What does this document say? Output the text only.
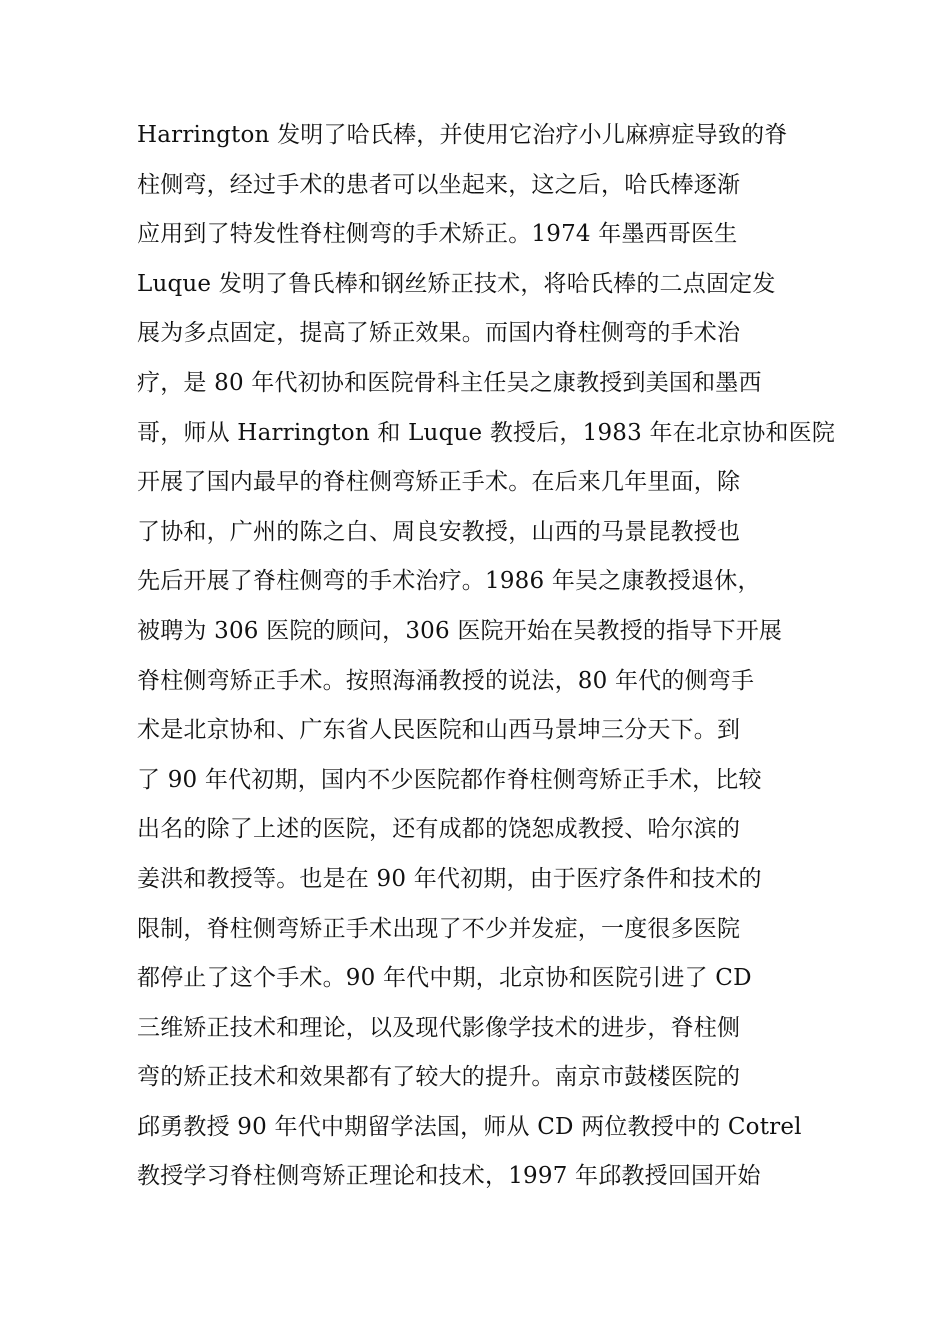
Harrington 发明了哈氏棒，并使用它治疗小儿麻痹症导致的脊
柱侧弯，经过手术的患者可以坐起来，这之后，哈氏棒逐渐
应用到了特发性脊柱侧弯的手术矫正。1974 年墨西哥医生
Luque 发明了鲁氏棒和钢丝矫正技术，将哈氏棒的二点固定发
展为多点固定，提高了矫正效果。而国内脊柱侧弯的手术治
疗，是 80 年代初协和医院骨科主任吴之康教授到美国和墨西
哥，师从 Harrington 和 Luque 教授后，1983 年在北京协和医院
开展了国内最早的脊柱侧弯矫正手术。在后来几年里面，除
了协和，广州的陈之白、周良安教授，山西的马景昆教授也
先后开展了脊柱侧弯的手术治疗。1986 年吴之康教授退休，
被聘为 306 医院的顾问，306 医院开始在吴教授的指导下开展
脊柱侧弯矫正手术。按照海涌教授的说法，80 年代的侧弯手
术是北京协和、广东省人民医院和山西马景坤三分天下。到
了 90 年代初期，国内不少医院都作脊柱侧弯矫正手术，比较
出名的除了上述的医院，还有成都的饶恕成教授、哈尔滨的
姜洪和教授等。也是在 90 年代初期，由于医疗条件和技术的
限制，脊柱侧弯矫正手术出现了不少并发症，一度很多医院
都停止了这个手术。90 年代中期，北京协和医院引进了 CD
三维矫正技术和理论，以及现代影像学技术的进步，脊柱侧
弯的矫正技术和效果都有了较大的提升。南京市鼓楼医院的
邱勇教授 90 年代中期留学法国，师从 CD 两位教授中的 Cotrel
教授学习脊柱侧弯矫正理论和技术，1997 年邱教授回国开始
